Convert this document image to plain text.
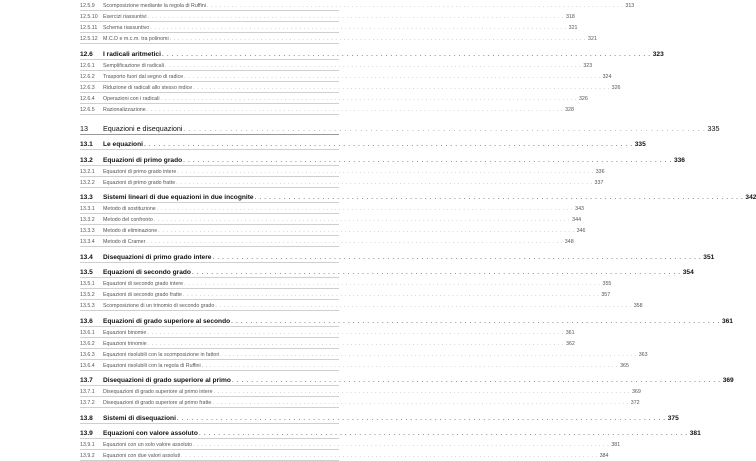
12.5.9	Scomposizione mediante la regola di Ruffini . . . . . . . . . . . . . . . . . . . . . . . . . . . . . . . . . . . . . . . . . . . . . . . . . . . . . . . . . . . . . . . . . . . . . . . . . . . . . . . . . . . . . . . . . . . . . . . . . . . . . 313
12.5.10	Esercizi riassuntivi . . . . . . . . . . . . . . . . . . . . . . . . . . . . . . . . . . . . . . . . . . . . . . . . . . . . . . . . . . . . . . . . . . . . . . . . . . . . . . . . . . . . . . . . . . . . . . . . . . . . . 318
12.5.11	Schema riassuntivo . . . . . . . . . . . . . . . . . . . . . . . . . . . . . . . . . . . . . . . . . . . . . . . . . . . . . . . . . . . . . . . . . . . . . . . . . . . . . . . . . . . . . . . . . . . . . . . . . . . . . 321
12.5.12	M.C.D e m.c.m. tra polinomi . . . . . . . . . . . . . . . . . . . . . . . . . . . . . . . . . . . . . . . . . . . . . . . . . . . . . . . . . . . . . . . . . . . . . . . . . . . . . . . . . . . . . . . . . . . . . . . . . . . . . 321
12.6	I radicali aritmetici . . . . . . . . . . . . . . . . . . . . . . . . . . . . . . . . . . . . . . . . . . . . . . . . . . . . . . . . . . . . . . . . . . . . . . . . . . . . . . . . . . . . . . . . . . . . . . . . . . . . . 323
12.6.1	Semplificazione di radicali . . . . . . . . . . . . . . . . . . . . . . . . . . . . . . . . . . . . . . . . . . . . . . . . . . . . . . . . . . . . . . . . . . . . . . . . . . . . . . . . . . . . . . . . . . . . . . . . . . . . . 323
12.6.2	Trasporto fuori dal segno di radice . . . . . . . . . . . . . . . . . . . . . . . . . . . . . . . . . . . . . . . . . . . . . . . . . . . . . . . . . . . . . . . . . . . . . . . . . . . . . . . . . . . . . . . . . . . . . . . . . . . . . 324
12.6.3	Riduzione di radicali allo stesso indice . . . . . . . . . . . . . . . . . . . . . . . . . . . . . . . . . . . . . . . . . . . . . . . . . . . . . . . . . . . . . . . . . . . . . . . . . . . . . . . . . . . . . . . . . . . . . . . . . . . . . 326
12.6.4	Operazioni con i radicali . . . . . . . . . . . . . . . . . . . . . . . . . . . . . . . . . . . . . . . . . . . . . . . . . . . . . . . . . . . . . . . . . . . . . . . . . . . . . . . . . . . . . . . . . . . . . . . . . . . . . 326
12.6.5	Razionalizzazione . . . . . . . . . . . . . . . . . . . . . . . . . . . . . . . . . . . . . . . . . . . . . . . . . . . . . . . . . . . . . . . . . . . . . . . . . . . . . . . . . . . . . . . . . . . . . . . . . . . . . 328
13	Equazioni e disequazioni . . . . . . . . . . . . . . . . . . . . . . . . . . . . . . . . . . . . . . . . . . . . . . . . . . . . . . . . . . . . . . . . . . . . . . . . . . . . . . . . . . . . . . . . . . . . . . . . . . . . . 335
13.1	Le equazioni . . . . . . . . . . . . . . . . . . . . . . . . . . . . . . . . . . . . . . . . . . . . . . . . . . . . . . . . . . . . . . . . . . . . . . . . . . . . . . . . . . . . . . . . . . . . . . . . . . . . . 335
13.2	Equazioni di primo grado . . . . . . . . . . . . . . . . . . . . . . . . . . . . . . . . . . . . . . . . . . . . . . . . . . . . . . . . . . . . . . . . . . . . . . . . . . . . . . . . . . . . . . . . . . . . . . . . . . . . . 336
13.2.1	Equazioni di primo grado intere . . . . . . . . . . . . . . . . . . . . . . . . . . . . . . . . . . . . . . . . . . . . . . . . . . . . . . . . . . . . . . . . . . . . . . . . . . . . . . . . . . . . . . . . . . . . . . . . . . . . . 336
13.2.2	Equazioni di primo grado fratte . . . . . . . . . . . . . . . . . . . . . . . . . . . . . . . . . . . . . . . . . . . . . . . . . . . . . . . . . . . . . . . . . . . . . . . . . . . . . . . . . . . . . . . . . . . . . . . . . . . . . 337
13.3	Sistemi lineari di due equazioni in due incognite . . . . . . . . . . . . . . . . . . . . . . . . . . . . . . . . . . . . . . . . . . . . . . . . . . . . . . . . . . . . . . . . . . . . . . . . . . . . . . . . . . . . . . . . . . . . . . . . . . . . . 342
13.3.1	Metodo di sostituzione . . . . . . . . . . . . . . . . . . . . . . . . . . . . . . . . . . . . . . . . . . . . . . . . . . . . . . . . . . . . . . . . . . . . . . . . . . . . . . . . . . . . . . . . . . . . . . . . . . . . . 343
13.3.2	Metodo del confronto . . . . . . . . . . . . . . . . . . . . . . . . . . . . . . . . . . . . . . . . . . . . . . . . . . . . . . . . . . . . . . . . . . . . . . . . . . . . . . . . . . . . . . . . . . . . . . . . . . . . . 344
13.3.3	Metodo di eliminazione . . . . . . . . . . . . . . . . . . . . . . . . . . . . . . . . . . . . . . . . . . . . . . . . . . . . . . . . . . . . . . . . . . . . . . . . . . . . . . . . . . . . . . . . . . . . . . . . . . . . . 346
13.3.4	Metodo di Cramer . . . . . . . . . . . . . . . . . . . . . . . . . . . . . . . . . . . . . . . . . . . . . . . . . . . . . . . . . . . . . . . . . . . . . . . . . . . . . . . . . . . . . . . . . . . . . . . . . . . . . 348
13.4	Disequazioni di primo grado intere . . . . . . . . . . . . . . . . . . . . . . . . . . . . . . . . . . . . . . . . . . . . . . . . . . . . . . . . . . . . . . . . . . . . . . . . . . . . . . . . . . . . . . . . . . . . . . . . . . . . . 351
13.5	Equazioni di secondo grado . . . . . . . . . . . . . . . . . . . . . . . . . . . . . . . . . . . . . . . . . . . . . . . . . . . . . . . . . . . . . . . . . . . . . . . . . . . . . . . . . . . . . . . . . . . . . . . . . . . . . 354
13.5.1	Equazioni di secondo grado intere . . . . . . . . . . . . . . . . . . . . . . . . . . . . . . . . . . . . . . . . . . . . . . . . . . . . . . . . . . . . . . . . . . . . . . . . . . . . . . . . . . . . . . . . . . . . . . . . . . . . . 355
13.5.2	Equazioni di secondo grado fratte . . . . . . . . . . . . . . . . . . . . . . . . . . . . . . . . . . . . . . . . . . . . . . . . . . . . . . . . . . . . . . . . . . . . . . . . . . . . . . . . . . . . . . . . . . . . . . . . . . . . . 357
13.5.3	Scomposizione di un trinomio di secondo grado . . . . . . . . . . . . . . . . . . . . . . . . . . . . . . . . . . . . . . . . . . . . . . . . . . . . . . . . . . . . . . . . . . . . . . . . . . . . . . . . . . . . . . . . . . . . . . . . . . . . . 358
13.6	Equazioni di grado superiore al secondo . . . . . . . . . . . . . . . . . . . . . . . . . . . . . . . . . . . . . . . . . . . . . . . . . . . . . . . . . . . . . . . . . . . . . . . . . . . . . . . . . . . . . . . . . . . . . . . . . . . . . 361
13.6.1	Equazioni binomie . . . . . . . . . . . . . . . . . . . . . . . . . . . . . . . . . . . . . . . . . . . . . . . . . . . . . . . . . . . . . . . . . . . . . . . . . . . . . . . . . . . . . . . . . . . . . . . . . . . . . 361
13.6.2	Equazioni trinomie . . . . . . . . . . . . . . . . . . . . . . . . . . . . . . . . . . . . . . . . . . . . . . . . . . . . . . . . . . . . . . . . . . . . . . . . . . . . . . . . . . . . . . . . . . . . . . . . . . . . . 362
13.6.3	Equazioni risolubili con la scomposizione in fattori . . . . . . . . . . . . . . . . . . . . . . . . . . . . . . . . . . . . . . . . . . . . . . . . . . . . . . . . . . . . . . . . . . . . . . . . . . . . . . . . . . . . . . . . . . . . . . . . . . . . . 363
13.6.4	Equazioni risolubili con la regola di Ruffini . . . . . . . . . . . . . . . . . . . . . . . . . . . . . . . . . . . . . . . . . . . . . . . . . . . . . . . . . . . . . . . . . . . . . . . . . . . . . . . . . . . . . . . . . . . . . . . . . . . . . 365
13.7	Disequazioni di grado superiore al primo . . . . . . . . . . . . . . . . . . . . . . . . . . . . . . . . . . . . . . . . . . . . . . . . . . . . . . . . . . . . . . . . . . . . . . . . . . . . . . . . . . . . . . . . . . . . . . . . . . . . . 369
13.7.1	Disequazioni di grado superiore al primo intere . . . . . . . . . . . . . . . . . . . . . . . . . . . . . . . . . . . . . . . . . . . . . . . . . . . . . . . . . . . . . . . . . . . . . . . . . . . . . . . . . . . . . . . . . . . . . . . . . . . . . 369
13.7.2	Disequazioni di grado superiore al primo fratte . . . . . . . . . . . . . . . . . . . . . . . . . . . . . . . . . . . . . . . . . . . . . . . . . . . . . . . . . . . . . . . . . . . . . . . . . . . . . . . . . . . . . . . . . . . . . . . . . . . . . 372
13.8	Sistemi di disequazioni . . . . . . . . . . . . . . . . . . . . . . . . . . . . . . . . . . . . . . . . . . . . . . . . . . . . . . . . . . . . . . . . . . . . . . . . . . . . . . . . . . . . . . . . . . . . . . . . . . . . . 375
13.9	Equazioni con valore assoluto . . . . . . . . . . . . . . . . . . . . . . . . . . . . . . . . . . . . . . . . . . . . . . . . . . . . . . . . . . . . . . . . . . . . . . . . . . . . . . . . . . . . . . . . . . . . . . . . . . . . . 381
13.9.1	Equazioni con un solo valore assoluto . . . . . . . . . . . . . . . . . . . . . . . . . . . . . . . . . . . . . . . . . . . . . . . . . . . . . . . . . . . . . . . . . . . . . . . . . . . . . . . . . . . . . . . . . . . . . . . . . . . . . 381
13.9.2	Equazioni con due valori assoluti . . . . . . . . . . . . . . . . . . . . . . . . . . . . . . . . . . . . . . . . . . . . . . . . . . . . . . . . . . . . . . . . . . . . . . . . . . . . . . . . . . . . . . . . . . . . . . . . . . . . . 384
